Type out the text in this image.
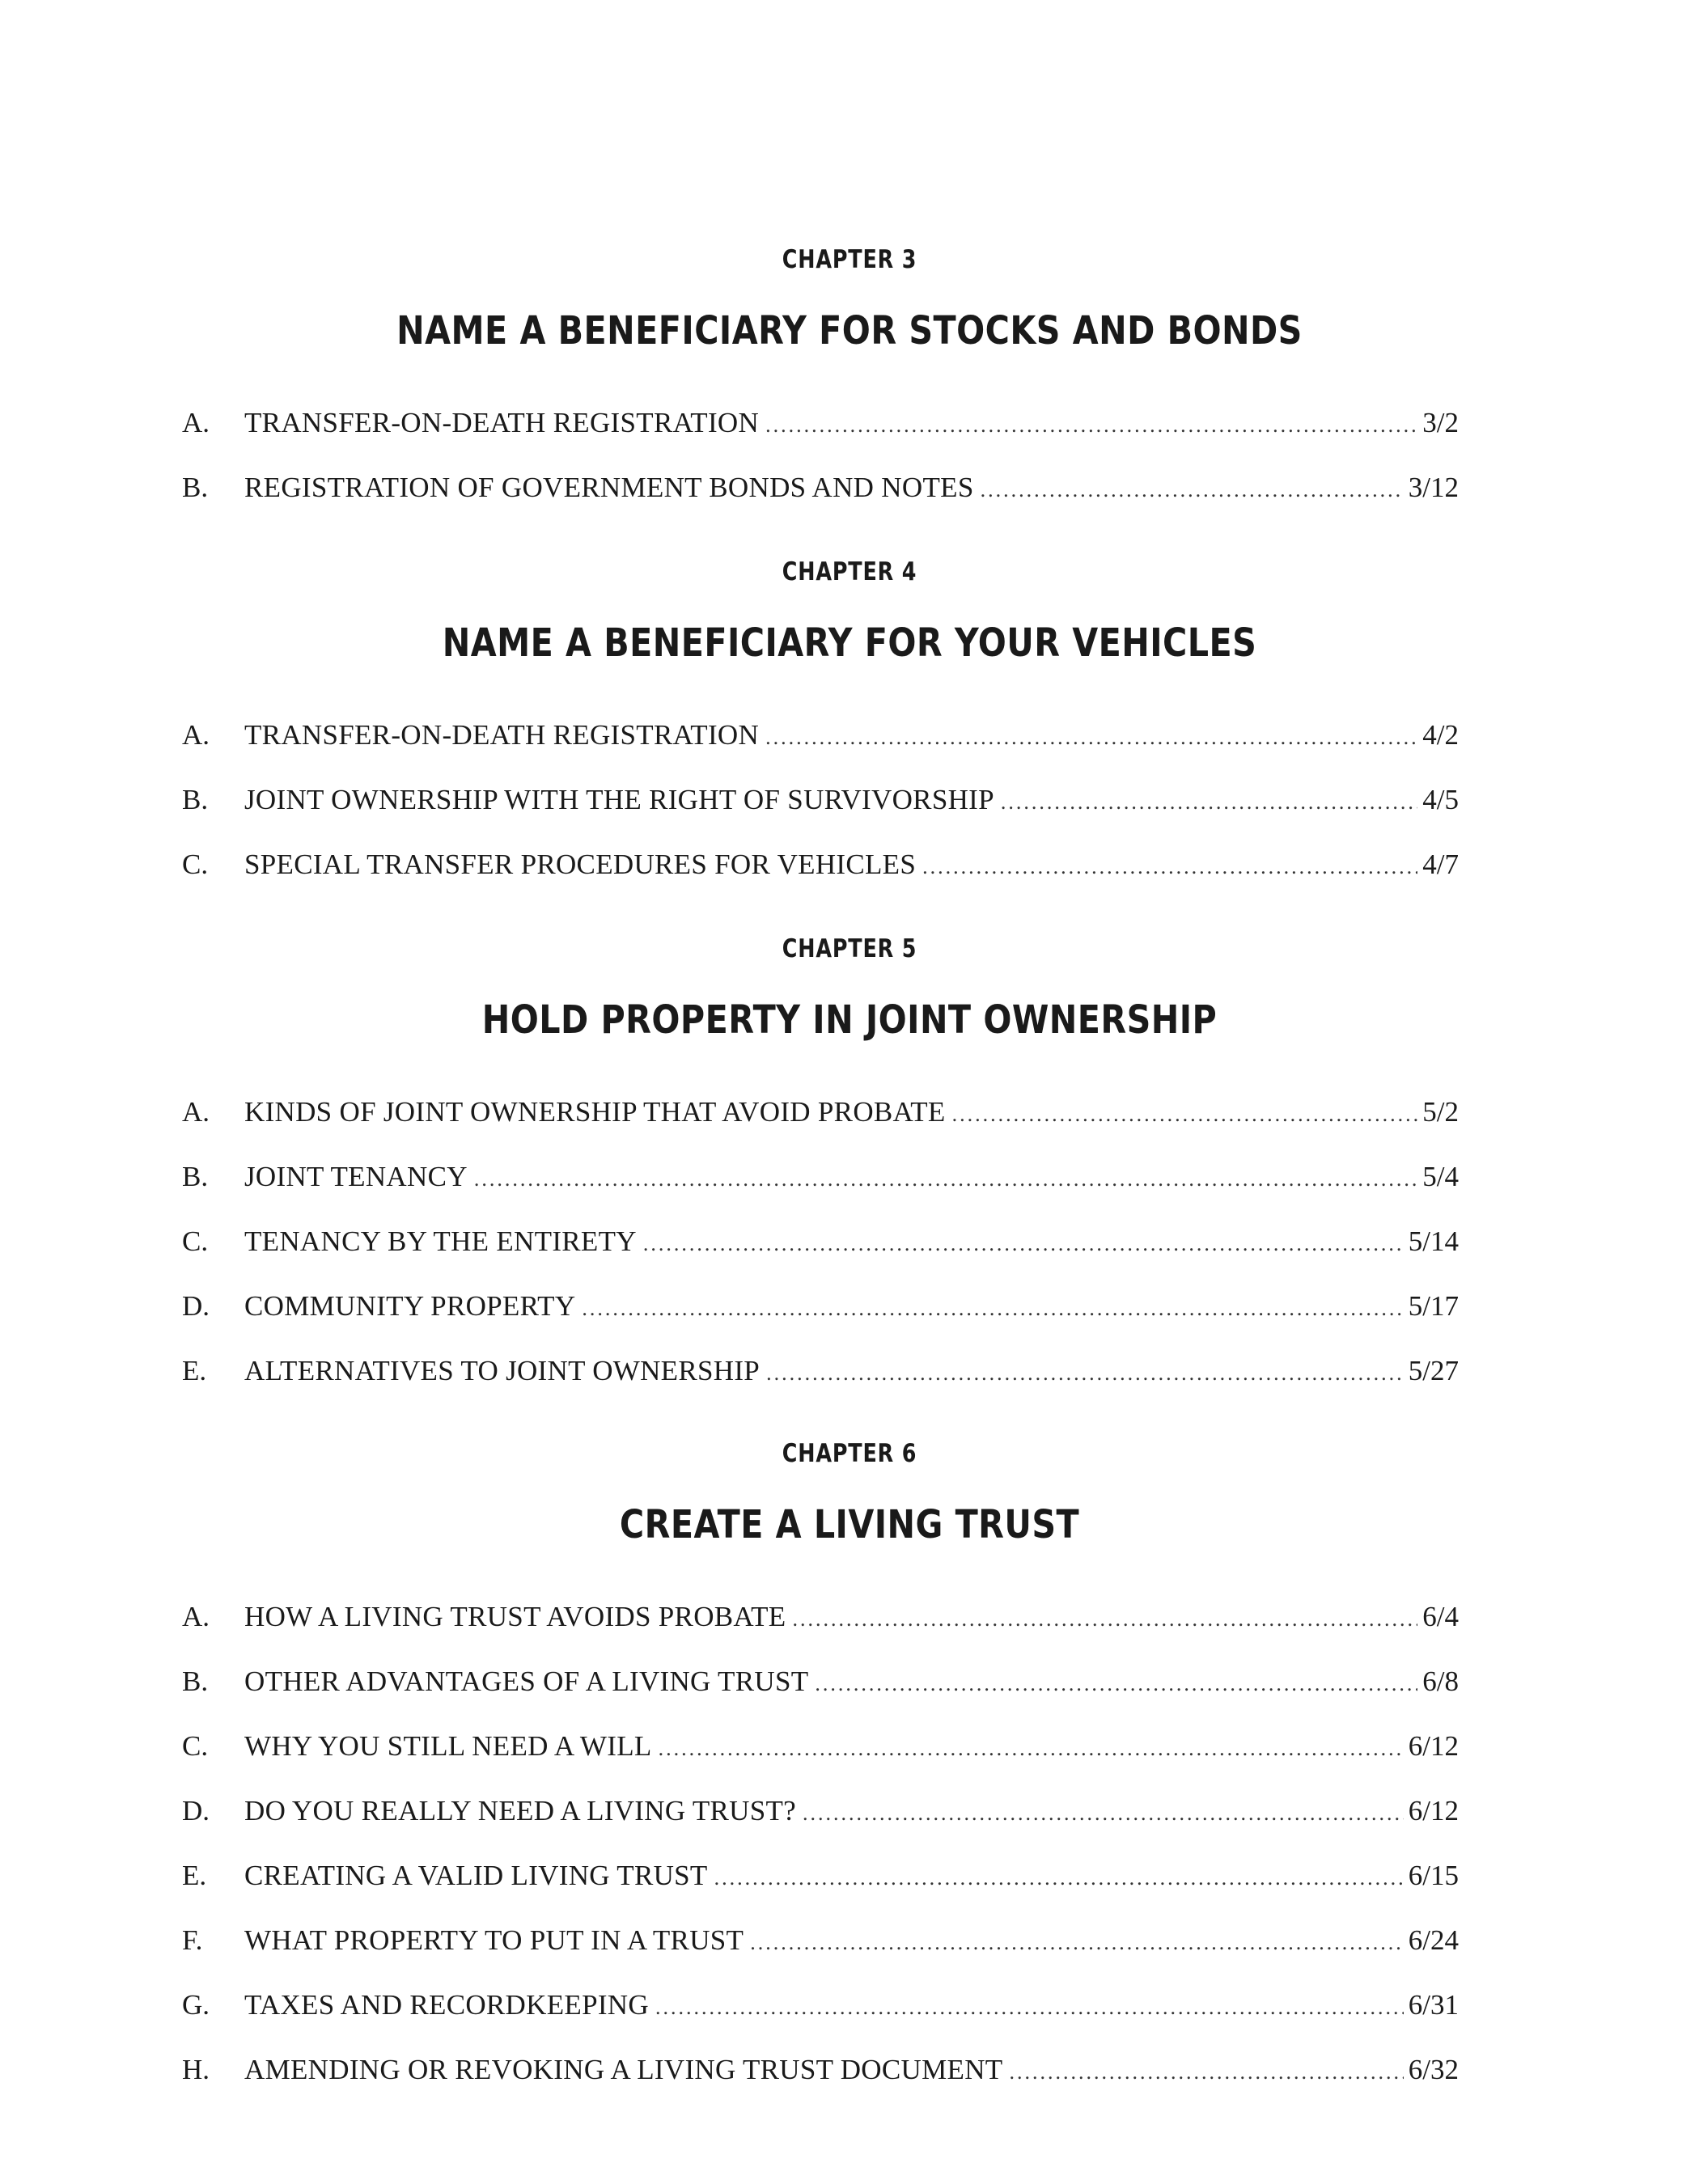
CHAPTER 3
NAME A BENEFICIARY FOR STOCKS AND BONDS
A.	TRANSFER-ON-DEATH REGISTRATION .....	3/2
B.	REGISTRATION OF GOVERNMENT BONDS AND NOTES .....	3/12
CHAPTER 4
NAME A BENEFICIARY FOR YOUR VEHICLES
A.	TRANSFER-ON-DEATH REGISTRATION .....	4/2
B.	JOINT OWNERSHIP WITH THE RIGHT OF SURVIVORSHIP .....	4/5
C.	SPECIAL TRANSFER PROCEDURES FOR VEHICLES .....	4/7
CHAPTER 5
HOLD PROPERTY IN JOINT OWNERSHIP
A.	KINDS OF JOINT OWNERSHIP THAT AVOID PROBATE .....	5/2
B.	JOINT TENANCY .....	5/4
C.	TENANCY BY THE ENTIRETY .....	5/14
D.	COMMUNITY PROPERTY .....	5/17
E.	ALTERNATIVES TO JOINT OWNERSHIP .....	5/27
CHAPTER 6
CREATE A LIVING TRUST
A.	HOW A LIVING TRUST AVOIDS PROBATE .....	6/4
B.	OTHER ADVANTAGES OF A LIVING TRUST .....	6/8
C.	WHY YOU STILL NEED A WILL .....	6/12
D.	DO YOU REALLY NEED A LIVING TRUST? .....	6/12
E.	CREATING A VALID LIVING TRUST .....	6/15
F.	WHAT PROPERTY TO PUT IN A TRUST .....	6/24
G.	TAXES AND RECORDKEEPING .....	6/31
H.	AMENDING OR REVOKING A LIVING TRUST DOCUMENT .....	6/32
